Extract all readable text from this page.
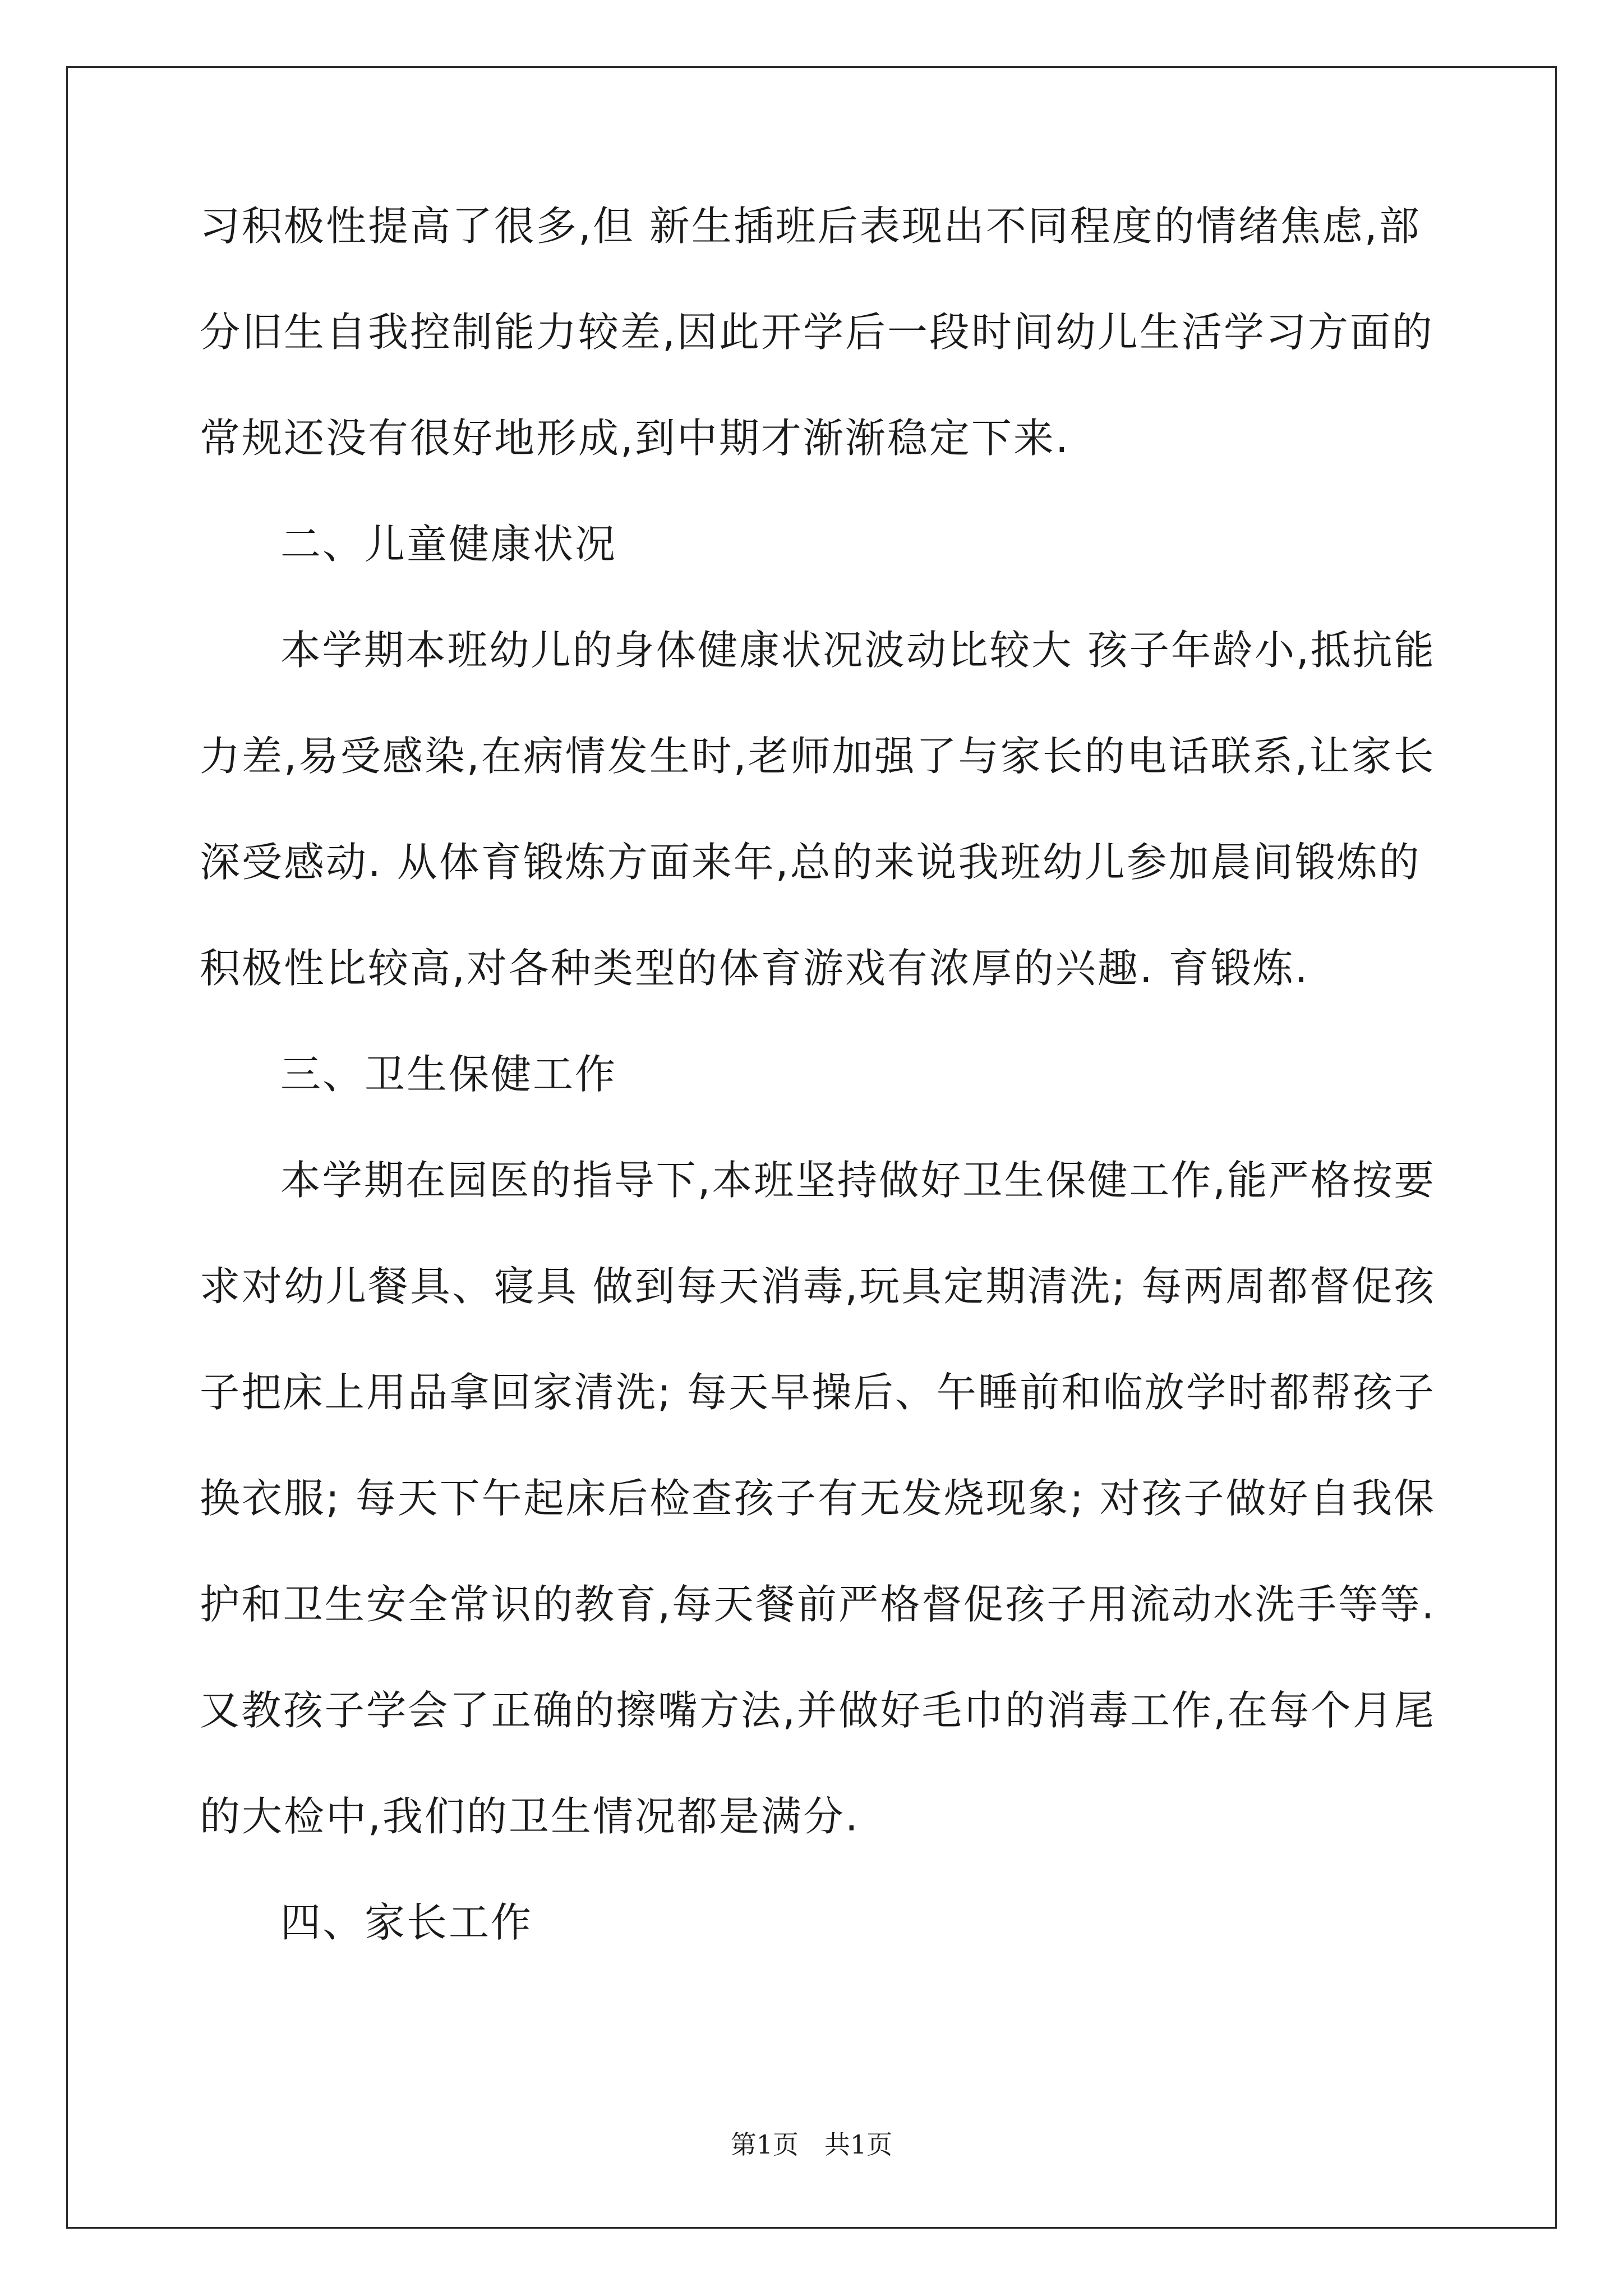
习积极性提高了很多,但 新生插班后表现出不同程度的情绪焦虑,部
分旧生自我控制能力较差,因此开学后一段时间幼儿生活学习方面的
常规还没有很好地形成,到中期才渐渐稳定下来.
二、儿童健康状况
本学期本班幼儿的身体健康状况波动比较大 孩子年龄小,抵抗能
力差,易受感染,在病情发生时,老师加强了与家长的电话联系,让家长
深受感动. 从体育锻炼方面来年,总的来说我班幼儿参加晨间锻炼的
积极性比较高,对各种类型的体育游戏有浓厚的兴趣. 育锻炼.
三、卫生保健工作
本学期在园医的指导下,本班坚持做好卫生保健工作,能严格按要
求对幼儿餐具、寝具 做到每天消毒,玩具定期清洗; 每两周都督促孩
子把床上用品拿回家清洗; 每天早操后、午睡前和临放学时都帮孩子
换衣服; 每天下午起床后检查孩子有无发烧现象; 对孩子做好自我保
护和卫生安全常识的教育,每天餐前严格督促孩子用流动水洗手等等.
又教孩子学会了正确的擦嘴方法,并做好毛巾的消毒工作,在每个月尾
的大检中,我们的卫生情况都是满分.
四、家长工作
第1页　共1页
